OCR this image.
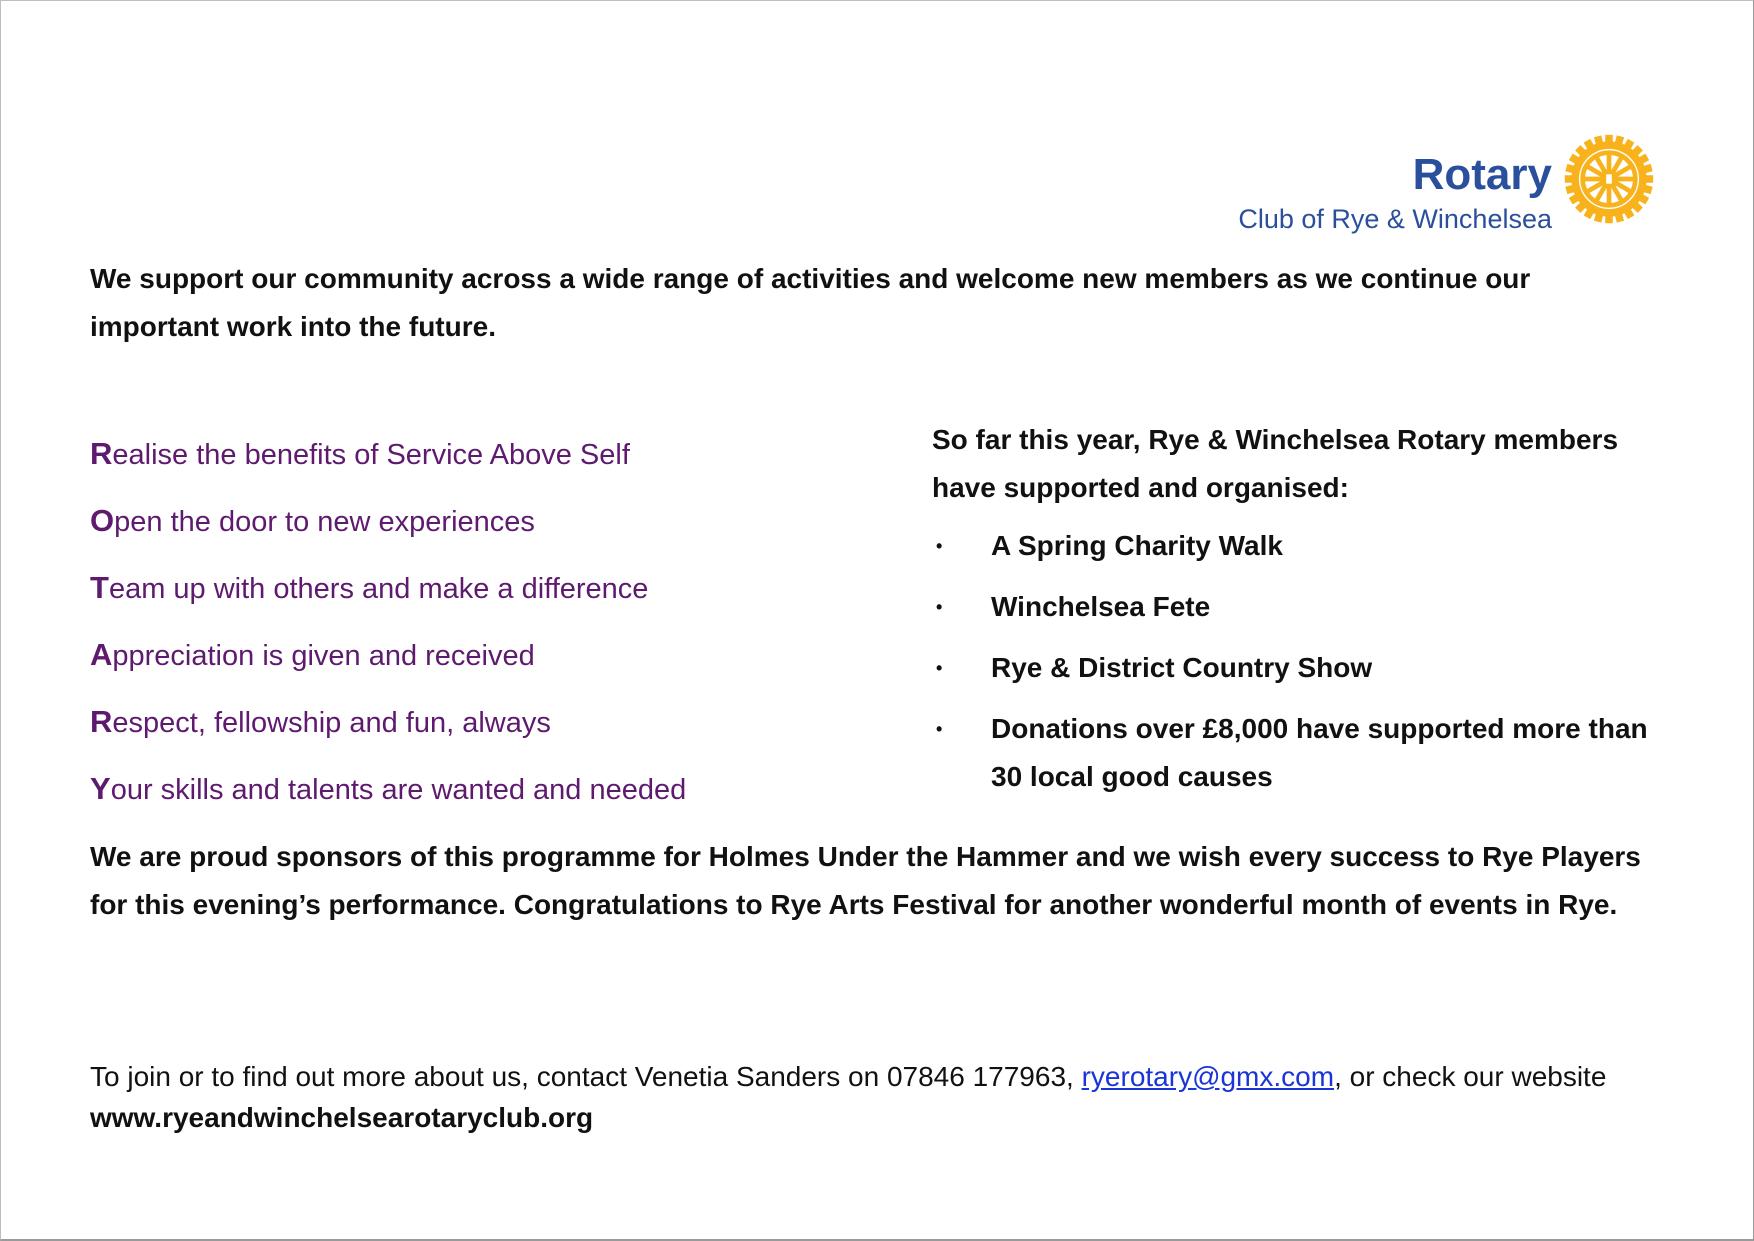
Rotary
Club of Rye & Winchelsea

We support our community across a wide range of activities and welcome new members as we continue our important work into the future.

Realise the benefits of Service Above Self
Open the door to new experiences
Team up with others and make a difference
Appreciation is given and received
Respect, fellowship and fun, always
Your skills and talents are wanted and needed

So far this year, Rye & Winchelsea Rotary members have supported and organised:

• A Spring Charity Walk
• Winchelsea Fete
• Rye & District Country Show
• Donations over £8,000 have supported more than 30 local good causes

We are proud sponsors of this programme for Holmes Under the Hammer and we wish every success to Rye Players for this evening’s performance. Congratulations to Rye Arts Festival for another wonderful month of events in Rye.

To join or to find out more about us, contact Venetia Sanders on 07846 177963, ryerotary@gmx.com, or check our website www.ryeandwinchelsearotaryclub.org
